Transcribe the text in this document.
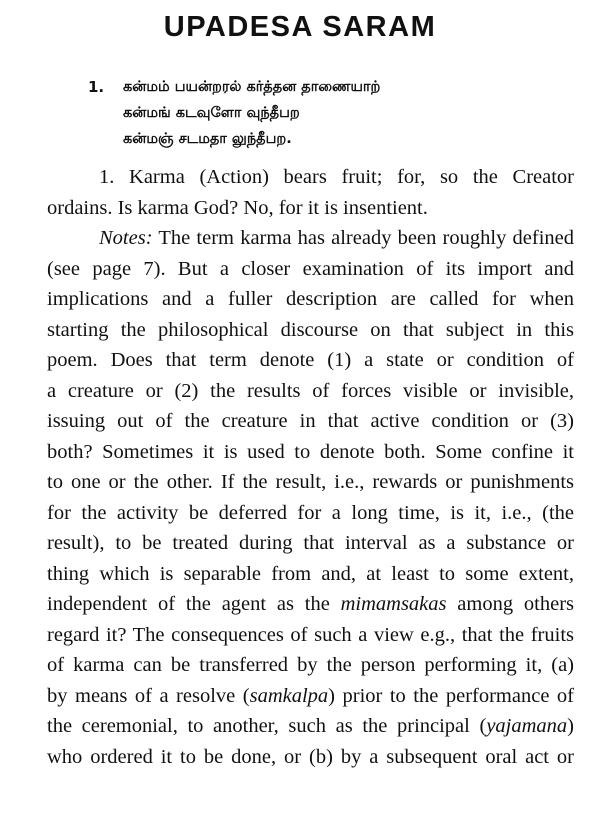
UPADESA SARAM
1. கன்மம் பயன்றரல் கர்த்தன தாணையாற்
கன்மங் கடவுளோ வுந்தீபற
கன்மஞ் சடமதா லுந்தீபற.

1. Karma (Action) bears fruit; for, so the Creator

ordains. Is karma God? No, for it is insentient.

Notes: The term karma has already been roughly defined

(see page 7). But a closer examination of its import and

implications and a fuller description are called for when

starting the philosophical discourse on that subject in this

poem. Does that term denote (1) a state or condition of

a creature or (2) the results of forces visible or invisible,

issuing out of the creature in that active condition or (3)

both? Sometimes it is used to denote both. Some confine it

to one or the other. If the result, i.e., rewards or punishments

for the activity be deferred for a long time, is it, i.e., (the

result), to be treated during that interval as a substance or

thing which is separable from and, at least to some extent,

independent of the agent as the mimamsakas among others

regard it? The consequences of such a view e.g., that the fruits

of karma can be transferred by the person performing it, (a)

by means of a resolve (samkalpa) prior to the performance of

the ceremonial, to another, such as the principal (yajamana)

who ordered it to be done, or (b) by a subsequent oral act or
